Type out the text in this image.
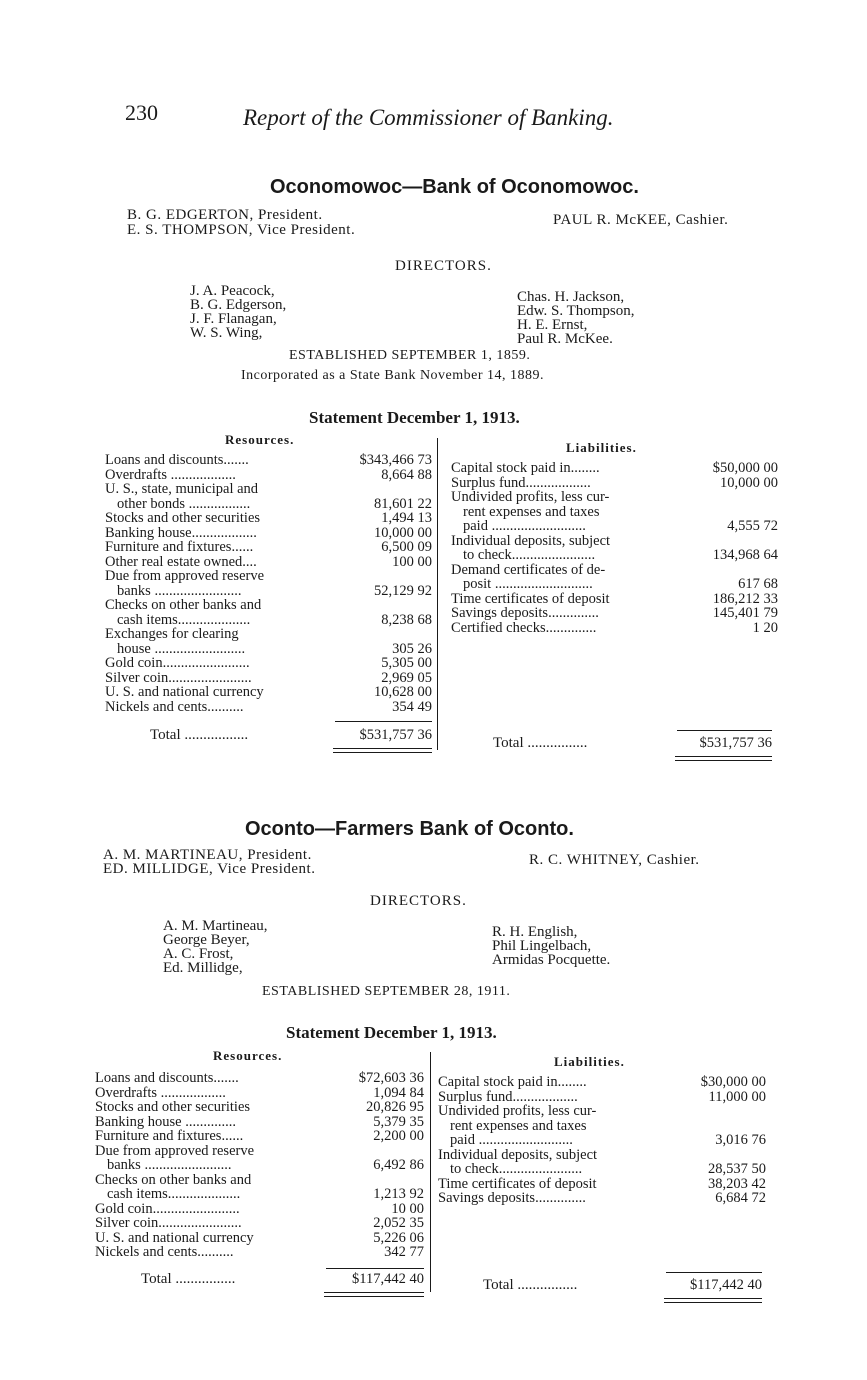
230	Report of the Commissioner of Banking.
Oconomowoc—Bank of Oconomowoc.
B. G. EDGERTON, President.
E. S. THOMPSON, Vice President.
PAUL R. McKEE, Cashier.
DIRECTORS.
J. A. Peacock,
B. G. Edgerson,
J. F. Flanagan,
W. S. Wing,
Chas. H. Jackson,
Edw. S. Thompson,
H. E. Ernst,
Paul R. McKee.
ESTABLISHED SEPTEMBER 1, 1859.
Incorporated as a State Bank November 14, 1889.
Statement December 1, 1913.
Resources.
Liabilities.
Loans and discounts.......	$343,466 73
Overdrafts ..................	8,664 88
U. S., state, municipal and
other bonds .................	81,601 22
Stocks and other securities	1,494 13
Banking house..................	10,000 00
Furniture and fixtures......	6,500 09
Other real estate owned....	100 00
Due from approved reserve
banks ........................	52,129 92
Checks on other banks and
cash items....................	8,238 68
Exchanges for clearing
house .........................	305 26
Gold coin........................	5,305 00
Silver coin.......................	2,969 05
U. S. and national currency	10,628 00
Nickels and cents..........	354 49
Capital stock paid in........	$50,000 00
Surplus fund..................	10,000 00
Undivided profits, less cur-
rent expenses and taxes
paid ..........................	4,555 72
Individual deposits, subject
to check.......................	134,968 64
Demand certificates of de-
posit ...........................	617 68
Time certificates of deposit	186,212 33
Savings deposits..............	145,401 79
Certified checks..............	1 20
Total .................	$531,757 36	Total ................	$531,757 36
Oconto—Farmers Bank of Oconto.
A. M. MARTINEAU, President.
ED. MILLIDGE, Vice President.
R. C. WHITNEY, Cashier.
DIRECTORS.
A. M. Martineau,
George Beyer,
A. C. Frost,
Ed. Millidge,
R. H. English,
Phil Lingelbach,
Armidas Pocquette.
ESTABLISHED SEPTEMBER 28, 1911.
Statement December 1, 1913.
Resources.	Liabilities.
Loans and discounts.......	$72,603 36
Overdrafts ..................	1,094 84
Stocks and other securities	20,826 95
Banking house ..............	5,379 35
Furniture and fixtures......	2,200 00
Due from approved reserve
banks ........................	6,492 86
Checks on other banks and
cash items....................	1,213 92
Gold coin........................	10 00
Silver coin.......................	2,052 35
U. S. and national currency	5,226 06
Nickels and cents..........	342 77
Capital stock paid in........	$30,000 00
Surplus fund..................	11,000 00
Undivided profits, less cur-
rent expenses and taxes
paid ..........................	3,016 76
Individual deposits, subject
to check.......................	28,537 50
Time certificates of deposit	38,203 42
Savings deposits..............	6,684 72
Total ................	$117,442 40	Total ................	$117,442 40
